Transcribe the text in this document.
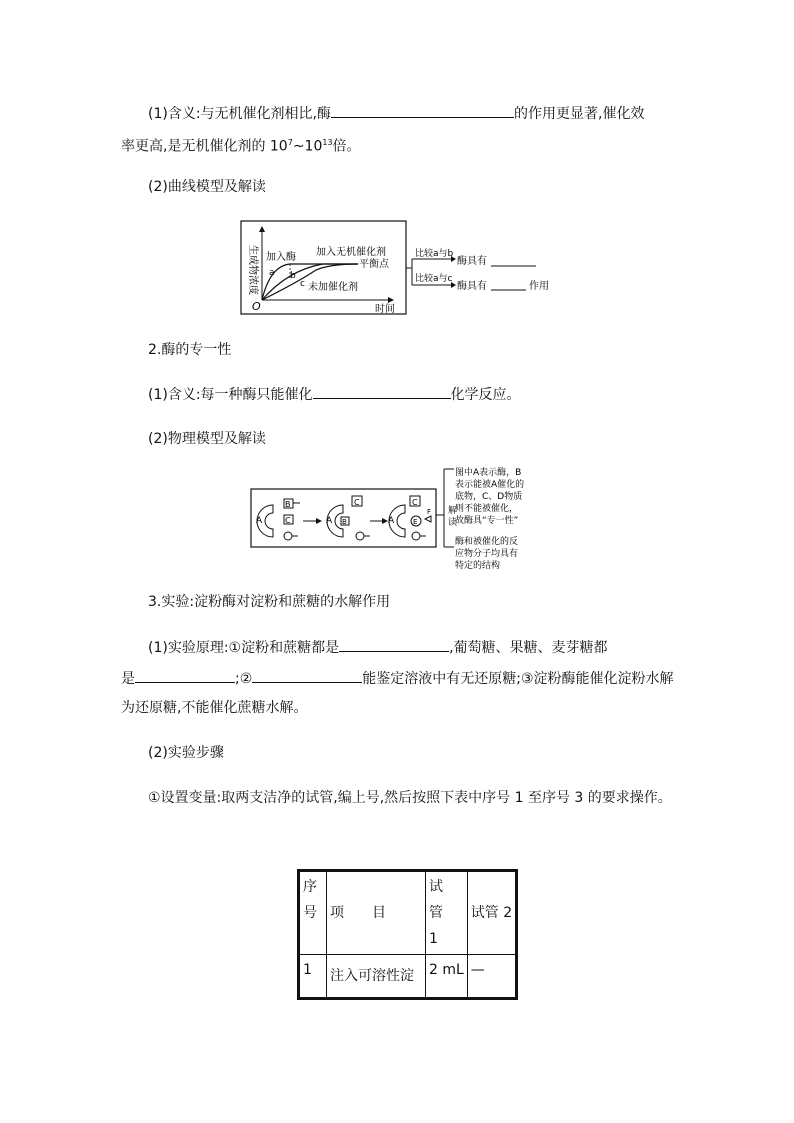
(1)含义:与无机催化剂相比,酶	的作用更显著,催化效
率更高,是无机催化剂的 $10^7\sim 10^{13}$倍。
(2)曲线模型及解读
生成物浓度
O	时间
加入酶 加入无机催化剂
平衡点
未加催化剂
a b
c
比较a与b
比较a与c
酶具有
酶具有	作用
2.酶的专一性
(1)含义:每一种酶只能催化	化学反应。
(2)物理模型及解读
A
B
C	A B
C
A
C
E
F 解
读
图中A表示酶，B 表示能被A催化的 底物，C、D物质 则不能被催化， 故酶具“专一性” 酶和被催化的反 应物分子均具有 特定的结构
3.实验:淀粉酶对淀粉和蔗糖的水解作用
(1)实验原理:①淀粉和蔗糖都是	,葡萄糖、果糖、麦芽糖都
是	;②	能鉴定溶液中有无还原糖;③淀粉酶能催化淀粉水解
为还原糖,不能催化蔗糖水解。
(2)实验步骤
①设置变量:取两支洁净的试管,编上号,然后按照下表中序号 1 至序号 3 的要求操作。
序号	项　　目	试管 1	试管 2
1	注入可溶性淀	2 mL	—
